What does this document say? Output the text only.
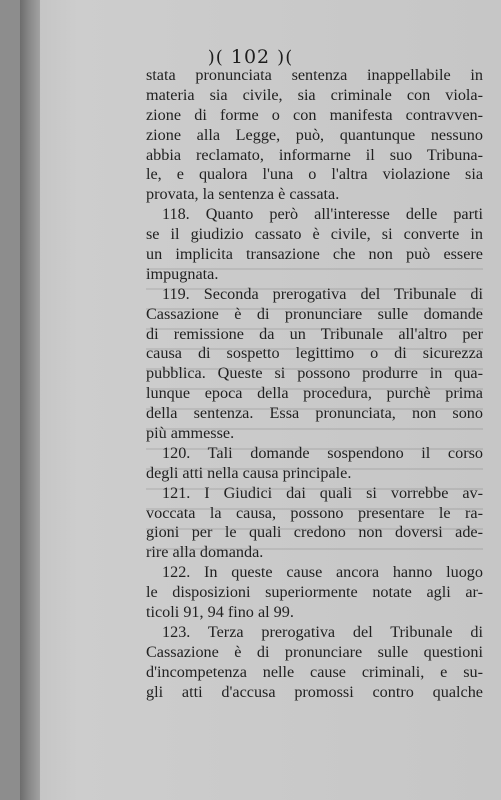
)( 102 )(
stata pronunciata sentenza inappellabile in
materia sia civile, sia criminale con viola-
zione di forme o con manifesta contravven-
zione alla Legge, può, quantunque nessuno
abbia reclamato, informarne il suo Tribuna-
le, e qualora l'una o l'altra violazione sia
provata, la sentenza è cassata.
118. Quanto però all'interesse delle parti
se il giudizio cassato è civile, si converte in
un implicita transazione che non può essere
impugnata.
119. Seconda prerogativa del Tribunale di
Cassazione è di pronunciare sulle domande
di remissione da un Tribunale all'altro per
causa di sospetto legittimo o di sicurezza
pubblica. Queste si possono produrre in qua-
lunque epoca della procedura, purchè prima
della sentenza. Essa pronunciata, non sono
più ammesse.
120. Tali domande sospendono il corso
degli atti nella causa principale.
121. I Giudici dai quali si vorrebbe av-
voccata la causa, possono presentare le ra-
gioni per le quali credono non doversi ade-
rire alla domanda.
122. In queste cause ancora hanno luogo
le disposizioni superiormente notate agli ar-
ticoli 91, 94 fino al 99.
123. Terza prerogativa del Tribunale di
Cassazione è di pronunciare sulle questioni
d'incompetenza nelle cause criminali, e su-
gli atti d'accusa promossi contro qualche
